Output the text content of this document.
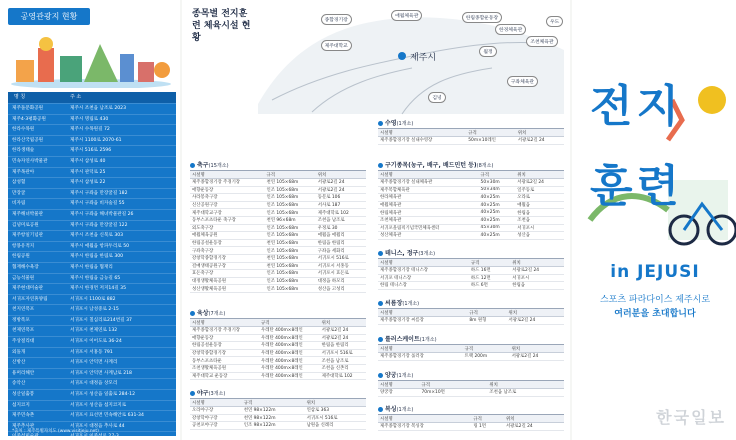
공영관광지 현황
명 칭	주 소
제주돌문화공원	제주시 조천읍 남조로 2023
제주4·3평화공원	제주시 명림로 430
한라수목원	제주시 수목원길 72
한라산국립공원	제주시 1100로 2070-61
한라생태숲	제주시 516로 2596
민속자연사박물관	제주시 삼성로 40
제주목관아	제주시 관덕로 25
삼성혈	제주시 삼성로 22
만장굴	제주시 구좌읍 만장굴길 182
비자림	제주시 구좌읍 비자숲길 55
제주해녀박물관	제주시 구좌읍 해녀박물관길 26
김녕미로공원	제주시 구좌읍 만장굴길 122
제주항일기념관	제주시 조천읍 신북로 303
항몽유적지	제주시 애월읍 항파두리로 50
한림공원	제주시 한림읍 한림로 300
협재해수욕장	제주시 한림읍 협재리
금능석물원	제주시 한림읍 금능길 65
제주현대미술관	제주시 한경면 저지14길 35
서귀포자연휴양림	서귀포시 1100로 882
천지연폭포	서귀포시 남성중로 2-15
정방폭포	서귀포시 칠십리로214번길 37
천제연폭포	서귀포시 천제연로 132
주상절리대	서귀포시 이어도로 36-24
외돌개	서귀포시 서홍동 791
산방산	서귀포시 안덕면 사계리
용머리해안	서귀포시 안덕면 사계남로 218
송악산	서귀포시 대정읍 상모리
성산일출봉	서귀포시 성산읍 일출로 284-12
섭지코지	서귀포시 성산읍 섭지코지로
제주민속촌	서귀포시 표선면 민속해안로 631-34
제주추사관	서귀포시 대정읍 추사로 44
이중섭미술관	서귀포시 이중섭로 27-3
*출처 : 제주특별자치도 (www.visitjeju.net)
종목별 전지훈련 체육시설 현황
제주시
종합경기장
애월체육관	한림종합운동장
한경체육관
제주대학교
조천체육관
구좌체육관
우도
월정
김녕
축구(15개소)
시설명	규격	위치
제주종합경기장 주경기장	천연 105×68m	서광로2길 24
애향운동장	인조 105×68m	서광로2길 24
사라봉축구장	인조 105×68m	동문로 106
신산공원구장	인조 105×68m	서사로 187
제주대학교구장	인조 105×68m	제주대학로 102
동부스포츠타운 축구장	천연 96×68m	조천읍 남조로
외도축구장	인조 105×68m	우정로 30
애월체육공원	인조 105×68m	애월읍 애월리
한림공설운동장	천연 105×68m	한림읍 한림리
구좌축구장	인조 105×68m	구좌읍 세화리
강창학종합경기장	천연 105×68m	서귀포시 516로
걸매생태공원구장	천연 105×68m	서귀포시 서홍동
효돈축구장	인조 105×68m	서귀포시 효돈로
대정생활체육공원	인조 105×68m	대정읍 하모리
성산생활체육공원	인조 105×68m	성산읍 고성리
육상(7개소)
시설명	규격	위치
제주종합경기장 주경기장	우레탄 400m×8레인	서광로2길 24
애향운동장	우레탄 400m×8레인	서광로2길 24
한림공설운동장	우레탄 400m×8레인	한림읍 한림리
강창학종합경기장	우레탄 400m×8레인	서귀포시 516로
동부스포츠타운	우레탄 400m×8레인	조천읍 남조로
조천생활체육공원	우레탄 400m×8레인	조천읍 신촌리
제주대학교 운동장	우레탄 400m×8레인	제주대학로 102
야구(3개소)
시설명	규격	위치
오라야구장	천연 98×122m	연삼로 363
강창학야구장	천연 98×122m	서귀포시 516로
공천포야구장	인조 98×122m	남원읍 신례리
수영(1개소)
시설명	규격	위치
제주종합경기장 실내수영장	50m×10레인	서광로2길 24
구기종목(농구, 배구, 배드민턴 등)(8개소)
시설명	규격	위치
제주종합경기장 실내체육관	50×30m	서광로2길 24
제주복합체육관	50×34m	일주동로
한라체육관	40×25m	오라로
애월체육관	40×25m	애월읍
한림체육관	40×25m	한림읍
조천체육관	40×25m	조천읍
서귀포올림픽기념국민체육센터	45×30m	서귀포시
성산체육관	40×25m	성산읍
테니스, 정구(3개소)
시설명	규격	위치
제주종합경기장 테니스장	하드 16면	서광로2길 24
서귀포 테니스장	하드 12면	서귀포시
한림 테니스장	하드 6면	한림읍
씨름장(1개소)
시설명	규격	위치
제주종합경기장 씨름장	8m 원형	서광로2길 24
롤러스케이트(1개소)
시설명	규격	위치
제주종합경기장 롤러장	트랙 200m	서광로2길 24
양궁(1개소)
시설명	규격	위치
양궁장	70m×10면	조천읍 남조로
복싱(1개소)
시설명	규격	위치
제주종합경기장 복싱장	링 1면	서광로2길 24
전지
훈련
in JEJUSI
스포츠 파라다이스 제주시로
여러분을 초대합니다
한국일보
